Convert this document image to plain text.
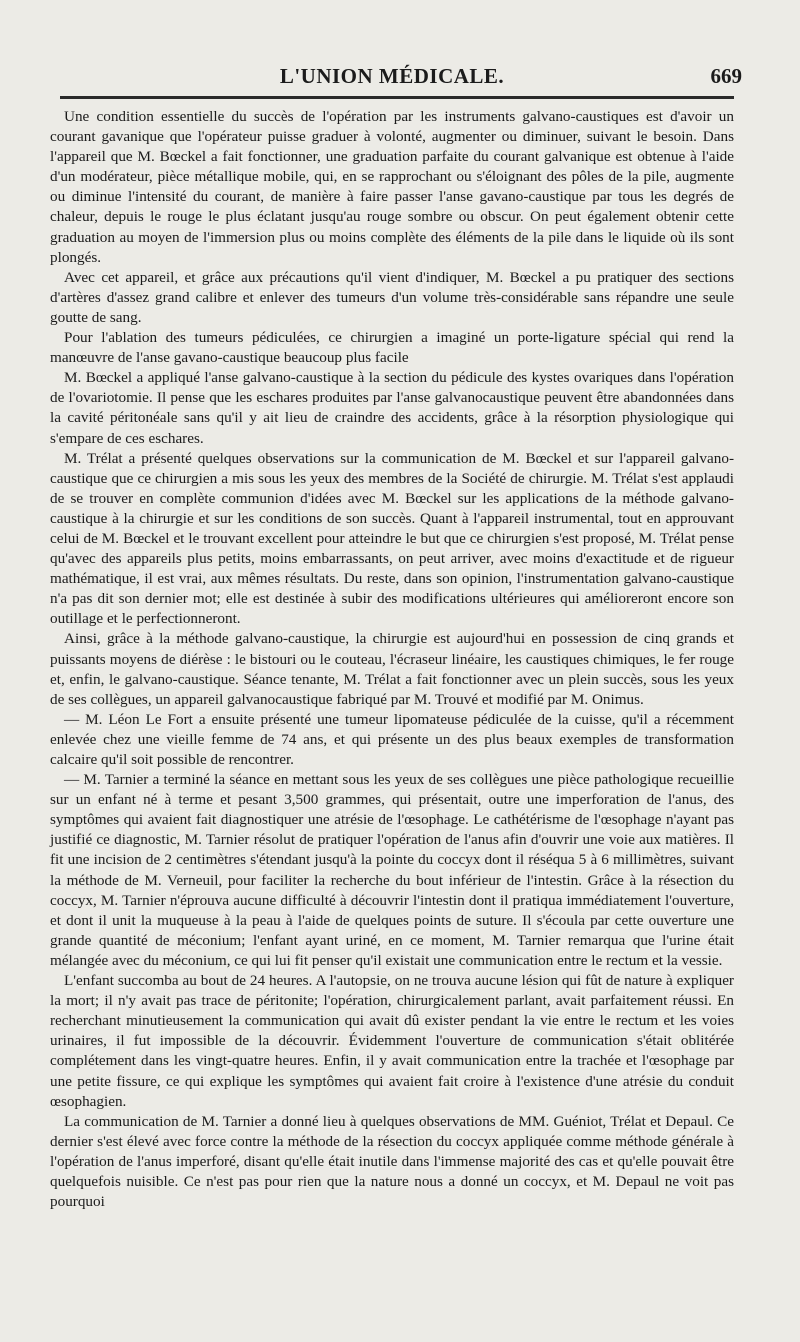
L'UNION MÉDICALE.	669

Une condition essentielle du succès de l'opération par les instruments galvano-caustiques est d'avoir un courant gavanique que l'opérateur puisse graduer à volonté, augmenter ou diminuer, suivant le besoin. Dans l'appareil que M. Bœckel a fait fonctionner, une graduation parfaite du courant galvanique est obtenue à l'aide d'un modérateur, pièce métallique mobile, qui, en se rapprochant ou s'éloignant des pôles de la pile, augmente ou diminue l'intensité du courant, de manière à faire passer l'anse gavano-caustique par tous les degrés de chaleur, depuis le rouge le plus éclatant jusqu'au rouge sombre ou obscur. On peut également obtenir cette graduation au moyen de l'immersion plus ou moins complète des éléments de la pile dans le liquide où ils sont plongés.

Avec cet appareil, et grâce aux précautions qu'il vient d'indiquer, M. Bœckel a pu pratiquer des sections d'artères d'assez grand calibre et enlever des tumeurs d'un volume très-considérable sans répandre une seule goutte de sang.

Pour l'ablation des tumeurs pédiculées, ce chirurgien a imaginé un porte-ligature spécial qui rend la manœuvre de l'anse gavano-caustique beaucoup plus facile

M. Bœckel a appliqué l'anse galvano-caustique à la section du pédicule des kystes ovariques dans l'opération de l'ovariotomie. Il pense que les eschares produites par l'anse galvanocaustique peuvent être abandonnées dans la cavité péritonéale sans qu'il y ait lieu de craindre des accidents, grâce à la résorption physiologique qui s'empare de ces eschares.

M. Trélat a présenté quelques observations sur la communication de M. Bœckel et sur l'appareil galvano-caustique que ce chirurgien a mis sous les yeux des membres de la Société de chirurgie. M. Trélat s'est applaudi de se trouver en complète communion d'idées avec M. Bœckel sur les applications de la méthode galvano-caustique à la chirurgie et sur les conditions de son succès. Quant à l'appareil instrumental, tout en approuvant celui de M. Bœckel et le trouvant excellent pour atteindre le but que ce chirurgien s'est proposé, M. Trélat pense qu'avec des appareils plus petits, moins embarrassants, on peut arriver, avec moins d'exactitude et de rigueur mathématique, il est vrai, aux mêmes résultats. Du reste, dans son opinion, l'instrumentation galvano-caustique n'a pas dit son dernier mot; elle est destinée à subir des modifications ultérieures qui amélioreront encore son outillage et le perfectionneront.

Ainsi, grâce à la méthode galvano-caustique, la chirurgie est aujourd'hui en possession de cinq grands et puissants moyens de diérèse : le bistouri ou le couteau, l'écraseur linéaire, les caustiques chimiques, le fer rouge et, enfin, le galvano-caustique. Séance tenante, M. Trélat a fait fonctionner avec un plein succès, sous les yeux de ses collègues, un appareil galvanocaustique fabriqué par M. Trouvé et modifié par M. Onimus.

— M. Léon Le Fort a ensuite présenté une tumeur lipomateuse pédiculée de la cuisse, qu'il a récemment enlevée chez une vieille femme de 74 ans, et qui présente un des plus beaux exemples de transformation calcaire qu'il soit possible de rencontrer.

— M. Tarnier a terminé la séance en mettant sous les yeux de ses collègues une pièce pathologique recueillie sur un enfant né à terme et pesant 3,500 grammes, qui présentait, outre une imperforation de l'anus, des symptômes qui avaient fait diagnostiquer une atrésie de l'œsophage. Le cathétérisme de l'œsophage n'ayant pas justifié ce diagnostic, M. Tarnier résolut de pratiquer l'opération de l'anus afin d'ouvrir une voie aux matières. Il fit une incision de 2 centimètres s'étendant jusqu'à la pointe du coccyx dont il réséqua 5 à 6 millimètres, suivant la méthode de M. Verneuil, pour faciliter la recherche du bout inférieur de l'intestin. Grâce à la résection du coccyx, M. Tarnier n'éprouva aucune difficulté à découvrir l'intestin dont il pratiqua immédiatement l'ouverture, et dont il unit la muqueuse à la peau à l'aide de quelques points de suture. Il s'écoula par cette ouverture une grande quantité de méconium; l'enfant ayant uriné, en ce moment, M. Tarnier remarqua que l'urine était mélangée avec du méconium, ce qui lui fit penser qu'il existait une communication entre le rectum et la vessie.

L'enfant succomba au bout de 24 heures. A l'autopsie, on ne trouva aucune lésion qui fût de nature à expliquer la mort; il n'y avait pas trace de péritonite; l'opération, chirurgicalement parlant, avait parfaitement réussi. En recherchant minutieusement la communication qui avait dû exister pendant la vie entre le rectum et les voies urinaires, il fut impossible de la découvrir. Évidemment l'ouverture de communication s'était oblitérée complétement dans les vingt-quatre heures. Enfin, il y avait communication entre la trachée et l'œsophage par une petite fissure, ce qui explique les symptômes qui avaient fait croire à l'existence d'une atrésie du conduit œsophagien.

La communication de M. Tarnier a donné lieu à quelques observations de MM. Guéniot, Trélat et Depaul. Ce dernier s'est élevé avec force contre la méthode de la résection du coccyx appliquée comme méthode générale à l'opération de l'anus imperforé, disant qu'elle était inutile dans l'immense majorité des cas et qu'elle pouvait être quelquefois nuisible. Ce n'est pas pour rien que la nature nous a donné un coccyx, et M. Depaul ne voit pas pourquoi
